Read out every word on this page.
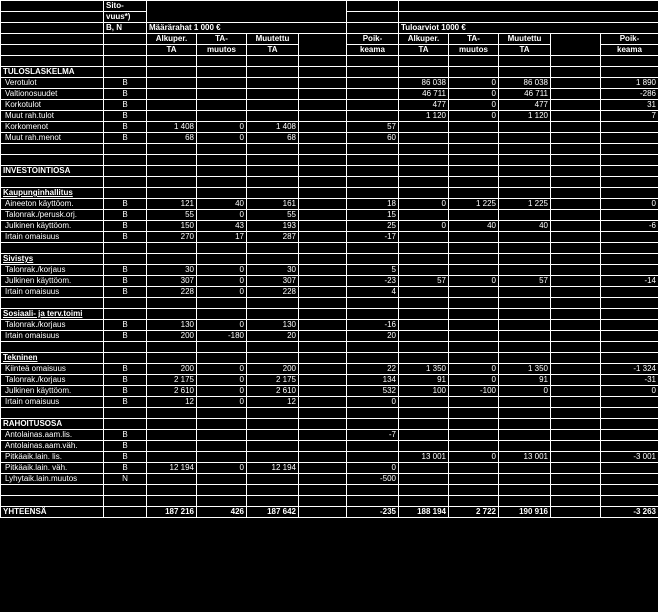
	Sito-										
	vuus*)										
	B, N	Määrärahat 1 000 €					Tuloarviot 1000 €				
		Alkuper.	TA-	Muutettu		Poik-	Alkuper.	TA-	Muutettu		Poik-
		TA	muutos	TA		keama	TA	muutos	TA		keama

TULOSLASKELMA											
Verotulot	B						86 038	0	86 038		1 890
Valtionosuudet	B						46 711	0	46 711		-286
Korkotulot	B						477	0	477		31
Muut rah.tulot	B						1 120	0	1 120		7
Korkomenot	B	1 408	0	1 408		57					
Muut rah.menot	B	68	0	68		60					

INVESTOINTIOSA											

Kaupunginhallitus											
Aineeton käyttöom.	B	121	40	161		18	0	1 225	1 225		0
Talonrak./perusk.orj.	B	55	0	55		15					
Julkinen käyttöom.	B	150	43	193		25	0	40	40		-6
Irtain omaisuus	B	270	17	287		-17					

Sivistys											
Talonrak./korjaus	B	30	0	30		5					
Julkinen käyttöom.	B	307	0	307		-23	57	0	57		-14
Irtain omaisuus	B	228	0	228		4					

Sosiaali- ja terv.toimi											
Talonrak./korjaus	B	130	0	130		-16					
Irtain omaisuus	B	200	-180	20		20					

Tekninen											
Kiinteä omaisuus	B	200	0	200		22	1 350	0	1 350		-1 324
Talonrak./korjaus	B	2 175	0	2 175		134	91	0	91		-31
Julkinen käyttöom.	B	2 610	0	2 610		532	100	-100	0		0
Irtain omaisuus	B	12	0	12		0					

RAHOITUSOSA											
Antolainas.aam.lis.	B					-7					
Antolainas.aam.väh.	B										
Pitkäaik.lain. lis.	B						13 001	0	13 001		-3 001
Pitkäaik.lain. väh.	B	12 194	0	12 194		0					
Lyhytaik.lain.muutos	N					-500					

YHTEENSÄ		187 216	426	187 642		-235	188 194	2 722	190 916		-3 263
